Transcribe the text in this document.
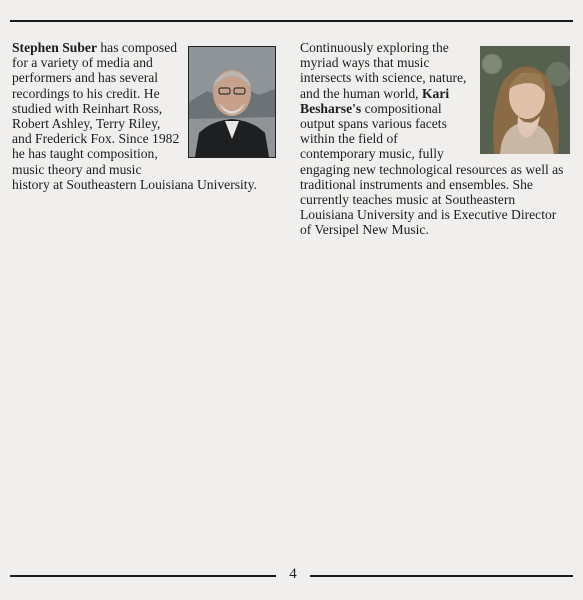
Stephen Suber has composed for a variety of media and performers and has several recordings to his credit. He studied with Reinhart Ross, Robert Ashley, Terry Riley, and Frederick Fox. Since 1982 he has taught composition, music theory and music history at Southeastern Louisiana University.

Continuously exploring the myriad ways that music intersects with science, nature, and the human world, Kari Besharse's compositional output spans various facets within the field of contemporary music, fully engaging new technological resources as well as traditional instruments and ensembles. She currently teaches music at Southeastern Louisiana University and is Executive Director of Versipel New Music.

4
